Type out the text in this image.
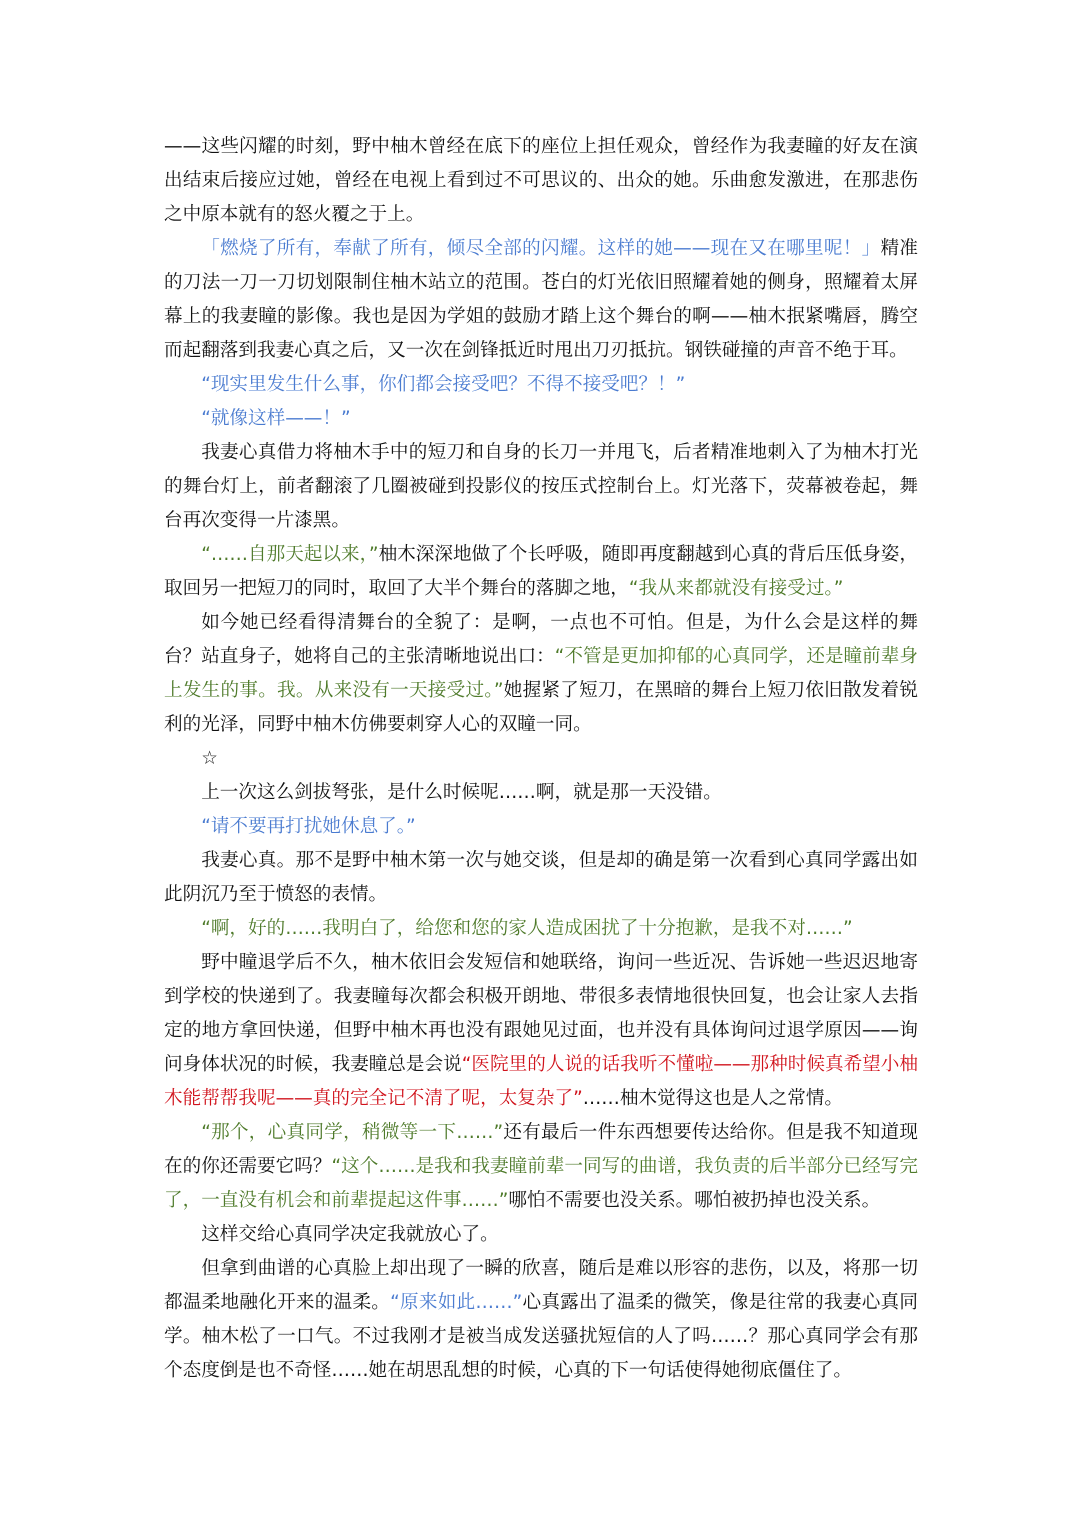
——这些闪耀的时刻，野中柚木曾经在底下的座位上担任观众，曾经作为我妻瞳的好友在演出结束后接应过她，曾经在电视上看到过不可思议的、出众的她。乐曲愈发激进，在那悲伤之中原本就有的怒火覆之于上。

「燃烧了所有，奉献了所有，倾尽全部的闪耀。这样的她——现在又在哪里呢！」精准的刀法一刀一刀切划限制住柚木站立的范围。苍白的灯光依旧照耀着她的侧身，照耀着太屏幕上的我妻瞳的影像。我也是因为学姐的鼓励才踏上这个舞台的啊——柚木抿紧嘴唇，腾空而起翻落到我妻心真之后，又一次在剑锋抵近时甩出刀刃抵抗。钢铁碰撞的声音不绝于耳。

“现实里发生什么事，你们都会接受吧？不得不接受吧？！”

“就像这样——！”

我妻心真借力将柚木手中的短刀和自身的长刀一并甩飞，后者精准地刺入了为柚木打光的舞台灯上，前者翻滚了几圈被碰到投影仪的按压式控制台上。灯光落下，荧幕被卷起，舞台再次变得一片漆黑。

“……自那天起以来，”柚木深深地做了个长呼吸，随即再度翻越到心真的背后压低身姿，取回另一把短刀的同时，取回了大半个舞台的落脚之地，“我从来都就没有接受过。”

如今她已经看得清舞台的全貌了：是啊，一点也不可怕。但是，为什么会是这样的舞台？站直身子，她将自己的主张清晰地说出口：“不管是更加抑郁的心真同学，还是瞳前辈身上发生的事。我。从来没有一天接受过。”她握紧了短刀，在黑暗的舞台上短刀依旧散发着锐利的光泽，同野中柚木仿佛要刺穿人心的双瞳一同。

☆

上一次这么剑拔弩张，是什么时候呢……啊，就是那一天没错。

“请不要再打扰她休息了。”

我妻心真。那不是野中柚木第一次与她交谈，但是却的确是第一次看到心真同学露出如此阴沉乃至于愤怒的表情。

“啊，好的……我明白了，给您和您的家人造成困扰了十分抱歉，是我不对……”

野中瞳退学后不久，柚木依旧会发短信和她联络，询问一些近况、告诉她一些迟迟地寄到学校的快递到了。我妻瞳每次都会积极开朗地、带很多表情地很快回复，也会让家人去指定的地方拿回快递，但野中柚木再也没有跟她见过面，也并没有具体询问过退学原因——询问身体状况的时候，我妻瞳总是会说“医院里的人说的话我听不懂啦——那种时候真希望小柚木能帮帮我呢——真的完全记不清了呢，太复杂了”……柚木觉得这也是人之常情。

“那个，心真同学，稍微等一下……”还有最后一件东西想要传达给你。但是我不知道现在的你还需要它吗？“这个……是我和我妻瞳前辈一同写的曲谱，我负责的后半部分已经写完了，一直没有机会和前辈提起这件事……”哪怕不需要也没关系。哪怕被扔掉也没关系。

这样交给心真同学决定我就放心了。

但拿到曲谱的心真脸上却出现了一瞬的欣喜，随后是难以形容的悲伤，以及，将那一切都温柔地融化开来的温柔。“原来如此……”心真露出了温柔的微笑，像是往常的我妻心真同学。柚木松了一口气。不过我刚才是被当成发送骚扰短信的人了吗……？那心真同学会有那个态度倒是也不奇怪……她在胡思乱想的时候，心真的下一句话使得她彻底僵住了。
